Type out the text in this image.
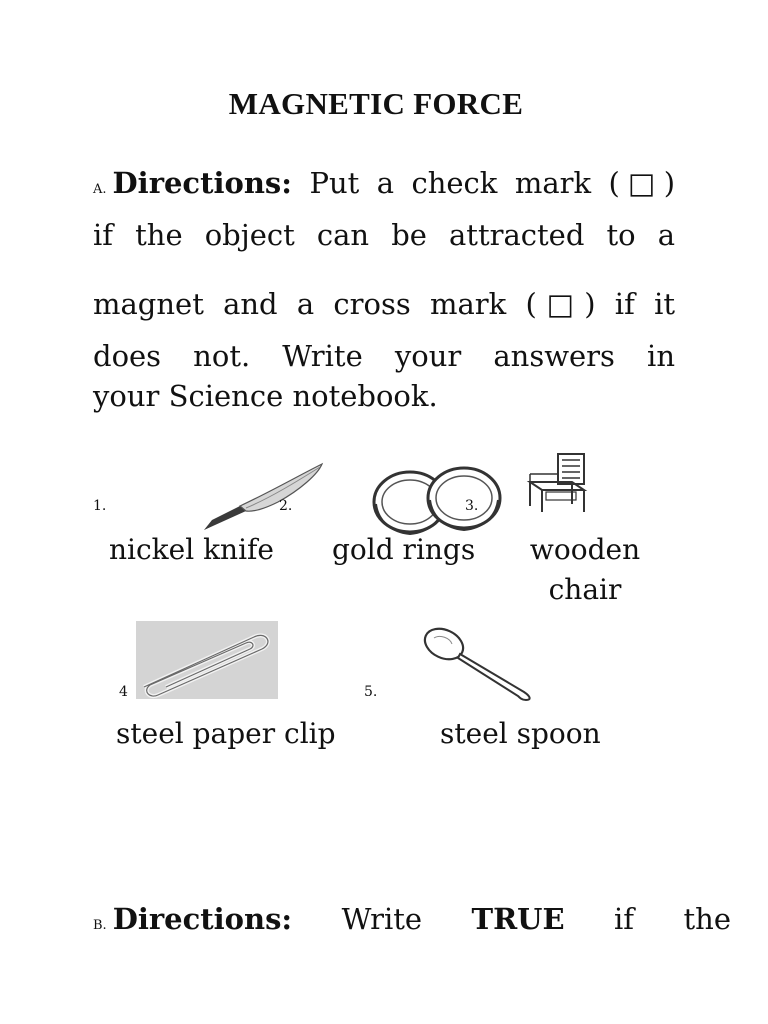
MAGNETIC FORCE
A. Directions: Put a check mark (□)
if the object can be attracted to a
magnet and a cross mark (□) if it
does not. Write your answers in
your Science notebook.
1.	2.	3.
nickel knife gold rings	wooden
chair
4	5.
steel paper clip	steel spoon
B. Directions: Write TRUE if the
